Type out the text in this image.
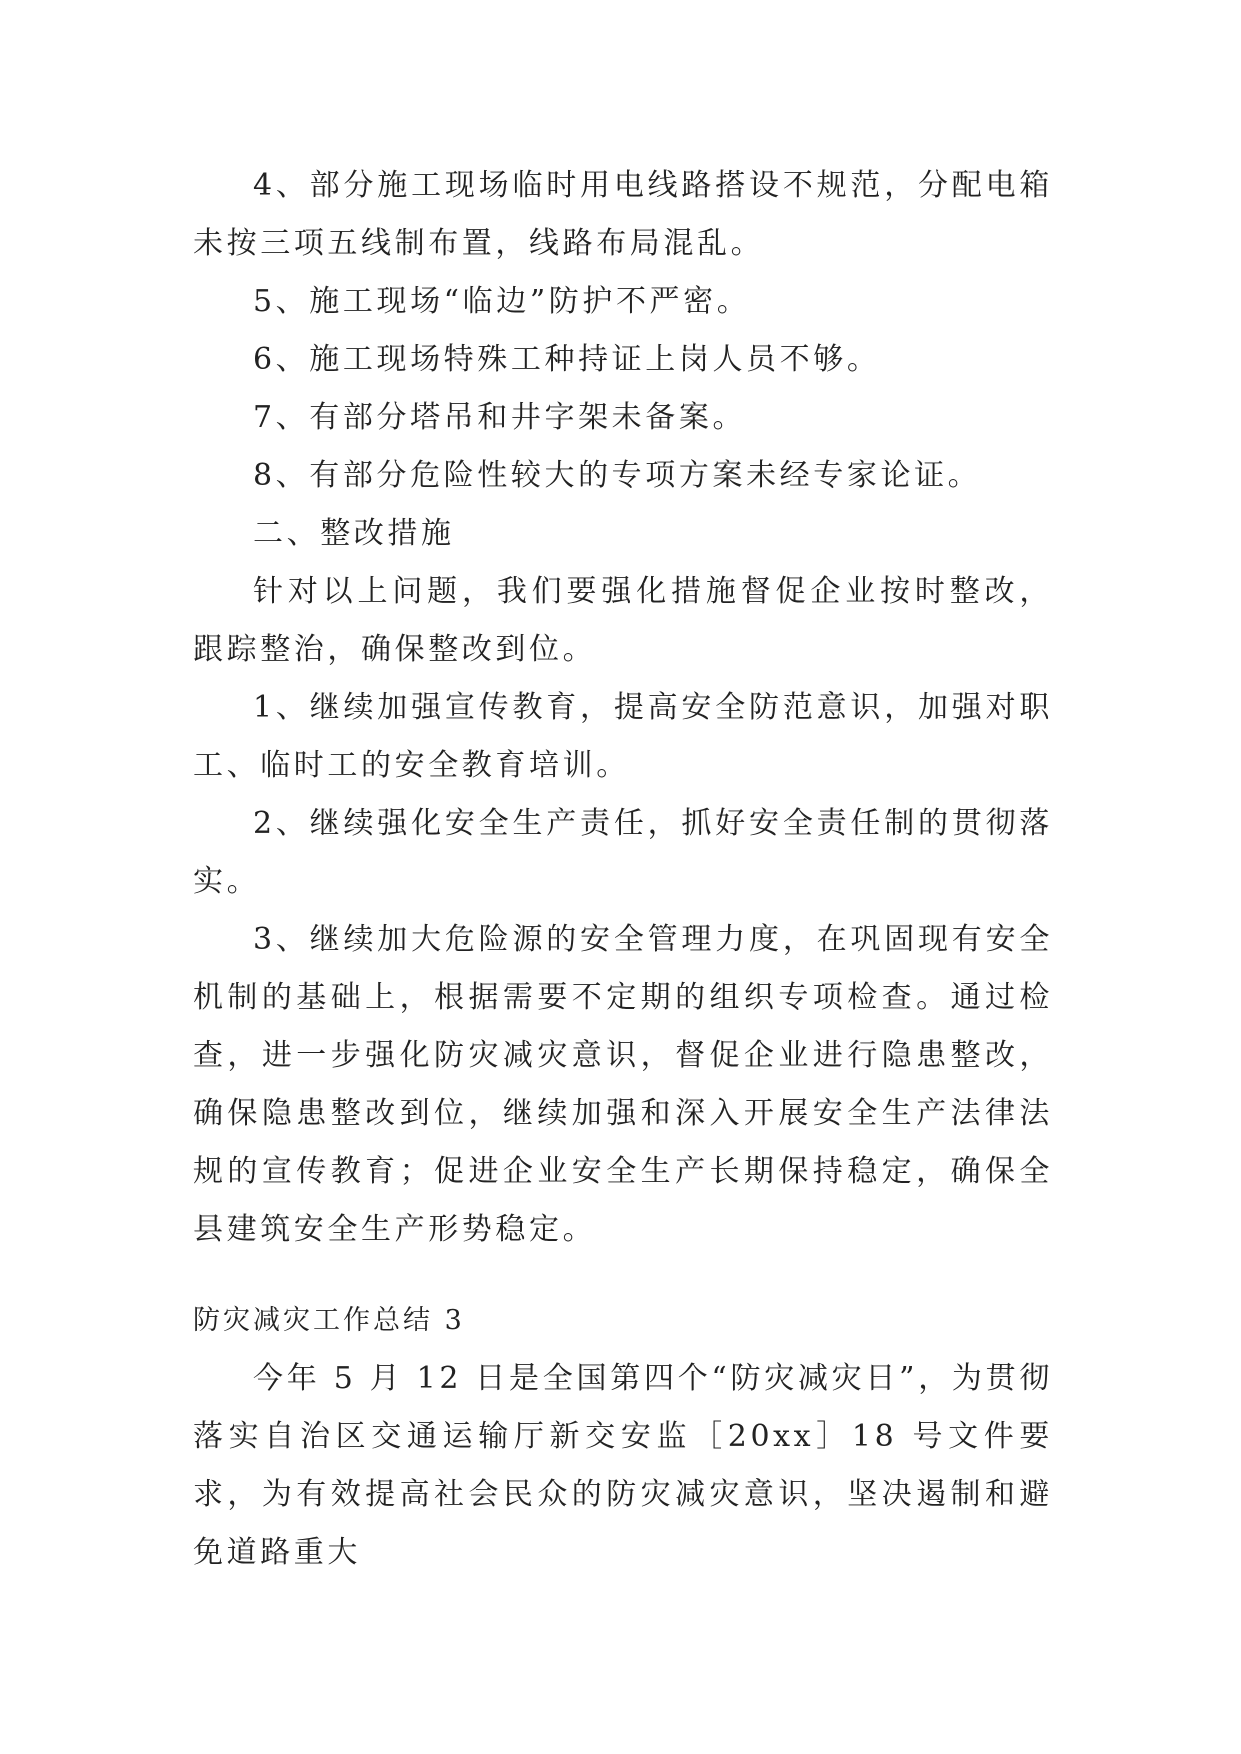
4、部分施工现场临时用电线路搭设不规范，分配电箱未按三项五线制布置，线路布局混乱。

5、施工现场“临边”防护不严密。

6、施工现场特殊工种持证上岗人员不够。

7、有部分塔吊和井字架未备案。

8、有部分危险性较大的专项方案未经专家论证。

二、整改措施

针对以上问题，我们要强化措施督促企业按时整改，跟踪整治，确保整改到位。

1、继续加强宣传教育，提高安全防范意识，加强对职工、临时工的安全教育培训。

2、继续强化安全生产责任，抓好安全责任制的贯彻落实。

3、继续加大危险源的安全管理力度，在巩固现有安全机制的基础上，根据需要不定期的组织专项检查。通过检查，进一步强化防灾减灾意识，督促企业进行隐患整改，确保隐患整改到位，继续加强和深入开展安全生产法律法规的宣传教育；促进企业安全生产长期保持稳定，确保全县建筑安全生产形势稳定。

防灾减灾工作总结 3

今年 5 月 12 日是全国第四个“防灾减灾日”，为贯彻落实自治区交通运输厅新交安监［20xx］18 号文件要求，为有效提高社会民众的防灾减灾意识，坚决遏制和避免道路重大
